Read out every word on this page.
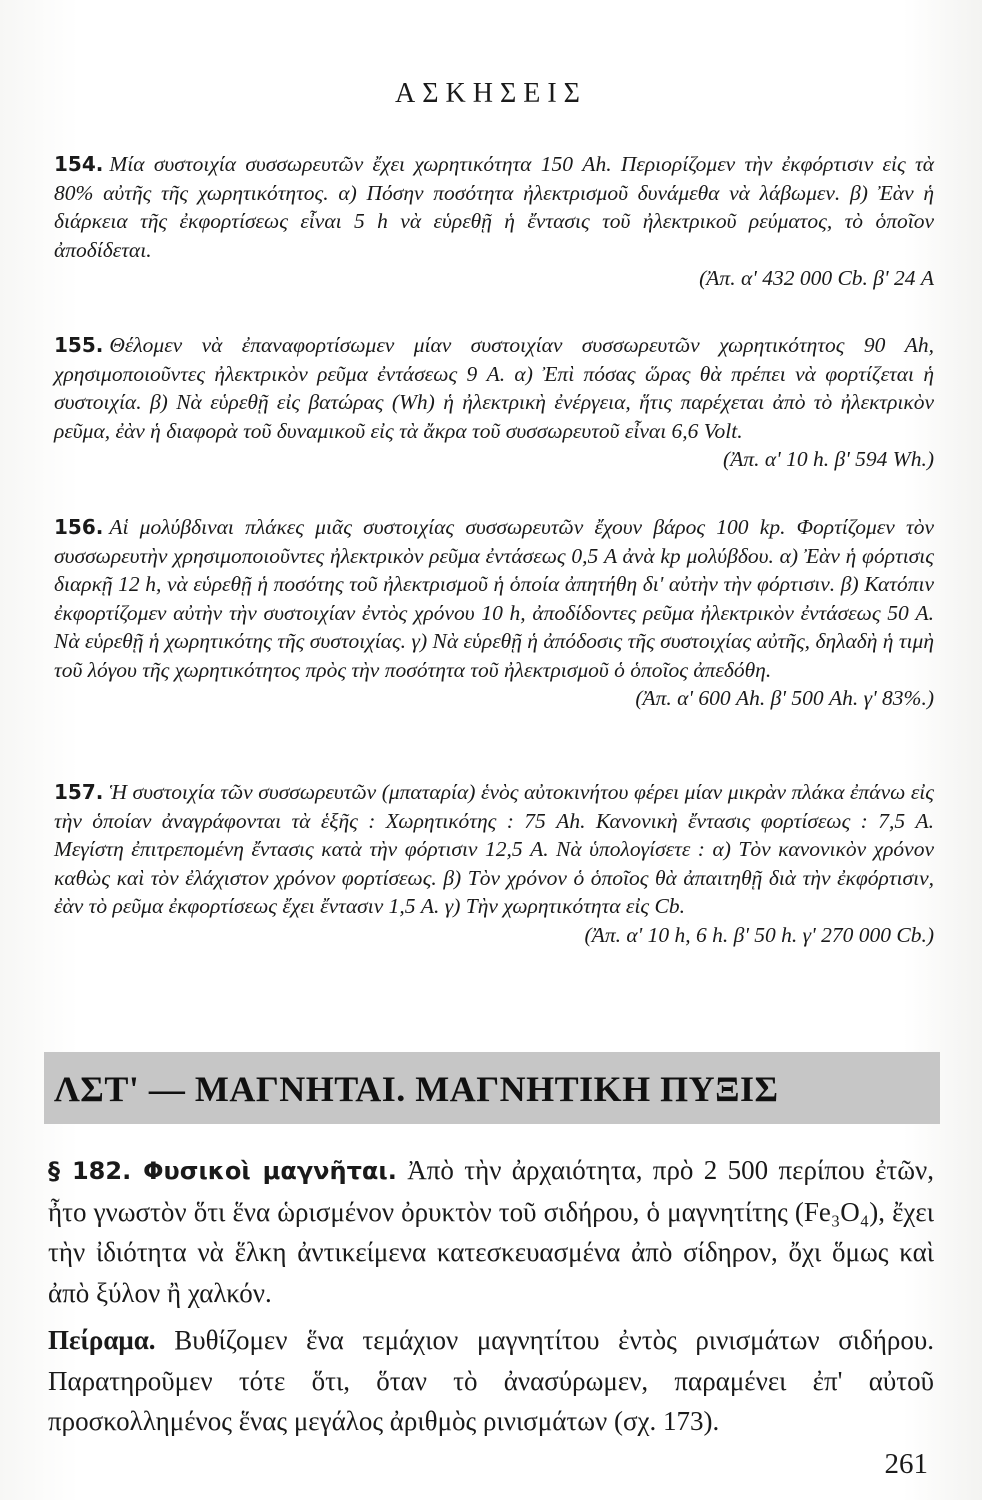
ΑΣΚΗΣΕΙΣ
154. Μία συστοιχία συσσωρευτῶν ἔχει χωρητικότητα 150 Ah. Περιορίζομεν τὴν ἐκφόρτισιν εἰς τὰ 80% αὐτῆς τῆς χωρητικότητος. α) Πόσην ποσότητα ἠλεκτρισμοῦ δυνάμεθα νὰ λάβωμεν. β) Ἐὰν ἡ διάρκεια τῆς ἐκφορτίσεως εἶναι 5 h νὰ εὑρεθῇ ἡ ἔντασις τοῦ ἠλεκτρικοῦ ρεύματος, τὸ ὁποῖον ἀποδίδεται.
(Ἀπ. α' 432 000 Cb. β' 24 A
155. Θέλομεν νὰ ἐπαναφορτίσωμεν μίαν συστοιχίαν συσσωρευτῶν χωρητικότητος 90 Ah, χρησιμοποιοῦντες ἠλεκτρικὸν ρεῦμα ἐντάσεως 9 A. α) Ἐπὶ πόσας ὥρας θὰ πρέπει νὰ φορτίζεται ἡ συστοιχία. β) Νὰ εὑρεθῇ εἰς βατώρας (Wh) ἡ ἠλεκτρικὴ ἐνέργεια, ἥτις παρέχεται ἀπὸ τὸ ἠλεκτρικὸν ρεῦμα, ἐὰν ἡ διαφορὰ τοῦ δυναμικοῦ εἰς τὰ ἄκρα τοῦ συσσωρευτοῦ εἶναι 6,6 Volt.
(Ἀπ. α' 10 h. β' 594 Wh.)
156. Αἱ μολύβδιναι πλάκες μιᾶς συστοιχίας συσσωρευτῶν ἔχουν βάρος 100 kp. Φορτίζομεν τὸν συσσωρευτὴν χρησιμοποιοῦντες ἠλεκτρικὸν ρεῦμα ἐντάσεως 0,5 A ἀνὰ kp μολύβδου. α) Ἐὰν ἡ φόρτισις διαρκῇ 12 h, νὰ εὑρεθῇ ἡ ποσότης τοῦ ἠλεκτρισμοῦ ἡ ὁποία ἀπητήθη δι' αὐτὴν τὴν φόρτισιν. β) Κατόπιν ἐκφορτίζομεν αὐτὴν τὴν συστοιχίαν ἐντὸς χρόνου 10 h, ἀποδίδοντες ρεῦμα ἠλεκτρικὸν ἐντάσεως 50 A. Νὰ εὑρεθῇ ἡ χωρητικότης τῆς συστοιχίας. γ) Νὰ εὑρεθῇ ἡ ἀπόδοσις τῆς συστοιχίας αὐτῆς, δηλαδὴ ἡ τιμὴ τοῦ λόγου τῆς χωρητικότητος πρὸς τὴν ποσότητα τοῦ ἠλεκτρισμοῦ ὁ ὁποῖος ἀπεδόθη.
(Ἀπ. α' 600 Ah. β' 500 Ah. γ' 83%.)
157. Ἡ συστοιχία τῶν συσσωρευτῶν (μπαταρία) ἑνὸς αὐτοκινήτου φέρει μίαν μικρὰν πλάκα ἐπάνω εἰς τὴν ὁποίαν ἀναγράφονται τὰ ἑξῆς : Χωρητικότης : 75 Ah. Κανονικὴ ἔντασις φορτίσεως : 7,5 A. Μεγίστη ἐπιτρεπομένη ἔντασις κατὰ τὴν φόρτισιν 12,5 A. Νὰ ὑπολογίσετε : α) Τὸν κανονικὸν χρόνον καθὼς καὶ τὸν ἐλάχιστον χρόνον φορτίσεως. β) Τὸν χρόνον ὁ ὁποῖος θὰ ἀπαιτηθῇ διὰ τὴν ἐκφόρτισιν, ἐὰν τὸ ρεῦμα ἐκφορτίσεως ἔχει ἔντασιν 1,5 A. γ) Τὴν χωρητικότητα εἰς Cb.
(Ἀπ. α' 10 h, 6 h. β' 50 h. γ' 270 000 Cb.)
ΛΣΤ' — ΜΑΓΝΗΤΑΙ. ΜΑΓΝΗΤΙΚΗ ΠΥΞΙΣ
§ 182. Φυσικοὶ μαγνῆται. Ἀπὸ τὴν ἀρχαιότητα, πρὸ 2 500 περίπου ἐτῶν, ἦτο γνωστὸν ὅτι ἕνα ὡρισμένον ὀρυκτὸν τοῦ σιδήρου, ὁ μαγνητίτης (Fe₃O₄), ἔχει τὴν ἰδιότητα νὰ ἕλκη ἀντικείμενα κατεσκευασμένα ἀπὸ σίδηρον, ὄχι ὅμως καὶ ἀπὸ ξύλον ἢ χαλκόν.
Πείραμα. Βυθίζομεν ἕνα τεμάχιον μαγνητίτου ἐντὸς ρινισμάτων σιδήρου. Παρατηροῦμεν τότε ὅτι, ὅταν τὸ ἀνασύρωμεν, παραμένει ἐπ' αὐτοῦ προσκολλημένος ἕνας μεγάλος ἀριθμὸς ρινισμάτων (σχ. 173).
261
